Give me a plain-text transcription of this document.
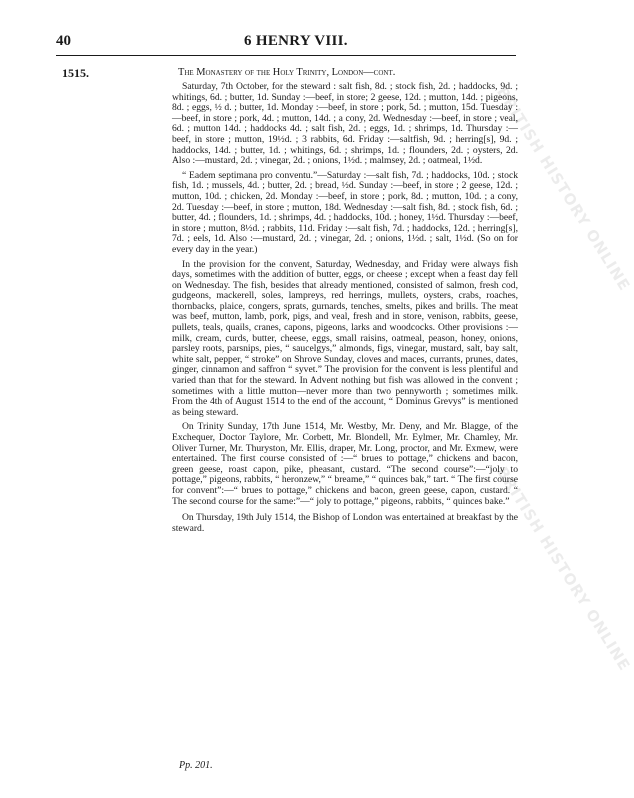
40	6 HENRY VIII.
1515.	The Monastery of the Holy Trinity, London—cont.

Saturday, 7th October, for the steward : salt fish, 8d. ; stock fish, 2d. ; haddocks, 9d. ; whitings, 6d. ; butter, 1d. Sunday :—beef, in store; 2 geese, 12d. ; mutton, 14d. ; pigeons, 8d. ; eggs, ½ d. ; butter, 1d. Monday :—beef, in store ; pork, 5d. ; mutton, 15d. Tuesday :—beef, in store ; pork, 4d. ; mutton, 14d. ; a cony, 2d. Wednesday :—beef, in store ; veal, 6d. ; mutton 14d. ; haddocks 4d. ; salt fish, 2d. ; eggs, 1d. ; shrimps, 1d. Thursday :—beef, in store ; mutton, 19½d. ; 3 rabbits, 6d. Friday :—saltfish, 9d. ; herring[s], 9d. ; haddocks, 14d. ; butter, 1d. ; whitings, 6d. ; shrimps, 1d. ; flounders, 2d. ; oysters, 2d. Also :—mustard, 2d. ; vinegar, 2d. ; onions, 1½d. ; malmsey, 2d. ; oatmeal, 1½d.

“ Eadem septimana pro conventu.”—Saturday :—salt fish, 7d. ; haddocks, 10d. ; stock fish, 1d. ; mussels, 4d. ; butter, 2d. ; bread, ½d. Sunday :—beef, in store ; 2 geese, 12d. ; mutton, 10d. ; chicken, 2d. Monday :—beef, in store ; pork, 8d. ; mutton, 10d. ; a cony, 2d. Tuesday :—beef, in store ; mutton, 18d. Wednesday :—salt fish, 8d. ; stock fish, 6d. ; butter, 4d. ; flounders, 1d. ; shrimps, 4d. ; haddocks, 10d. ; honey, 1½d. Thursday :—beef, in store ; mutton, 8½d. ; rabbits, 11d. Friday :—salt fish, 7d. ; haddocks, 12d. ; herring[s], 7d. ; eels, 1d. Also :—mustard, 2d. ; vinegar, 2d. ; onions, 1½d. ; salt, 1½d. (So on for every day in the year.)

In the provision for the convent, Saturday, Wednesday, and Friday were always fish days, sometimes with the addition of butter, eggs, or cheese ; except when a feast day fell on Wednesday. The fish, besides that already mentioned, consisted of salmon, fresh cod, gudgeons, mackerell, soles, lampreys, red herrings, mullets, oysters, crabs, roaches, thornbacks, plaice, congers, sprats, gurnards, tenches, smelts, pikes and brills. The meat was beef, mutton, lamb, pork, pigs, and veal, fresh and in store, venison, rabbits, geese, pullets, teals, quails, cranes, capons, pigeons, larks and woodcocks. Other provisions :—milk, cream, curds, butter, cheese, eggs, small raisins, oatmeal, peason, honey, onions, parsley roots, parsnips, pies, “ saucelgys,” almonds, figs, vinegar, mustard, salt, bay salt, white salt, pepper, “ stroke” on Shrove Sunday, cloves and maces, currants, prunes, dates, ginger, cinnamon and saffron “ syvet.” The provision for the convent is less plentiful and varied than that for the steward. In Advent nothing but fish was allowed in the convent ; sometimes with a little mutton—never more than two pennyworth ; sometimes milk. From the 4th of August 1514 to the end of the account, “ Dominus Grevys” is mentioned as being steward.

On Trinity Sunday, 17th June 1514, Mr. Westby, Mr. Deny, and Mr. Blagge, of the Exchequer, Doctor Taylore, Mr. Corbett, Mr. Blondell, Mr. Eylmer, Mr. Chamley, Mr. Oliver Turner, Mr. Thuryston, Mr. Ellis, draper, Mr. Long, proctor, and Mr. Exmew, were entertained. The first course consisted of :—“ brues to pottage,” chickens and bacon, green geese, roast capon, pike, pheasant, custard. “The second course”:—“joly to pottage,” pigeons, rabbits, “ heronzew,” “ breame,” “ quinces bak,” tart. “ The first course for convent”:—“ brues to pottage,” chickens and bacon, green geese, capon, custard. “ The second course for the same:”—“ joly to pottage,” pigeons, rabbits, “ quinces bake.”

On Thursday, 19th July 1514, the Bishop of London was entertained at breakfast by the steward.

Pp. 201.
BRITISH HISTORY ONLINE
BRITISH HISTORY ONLINE
